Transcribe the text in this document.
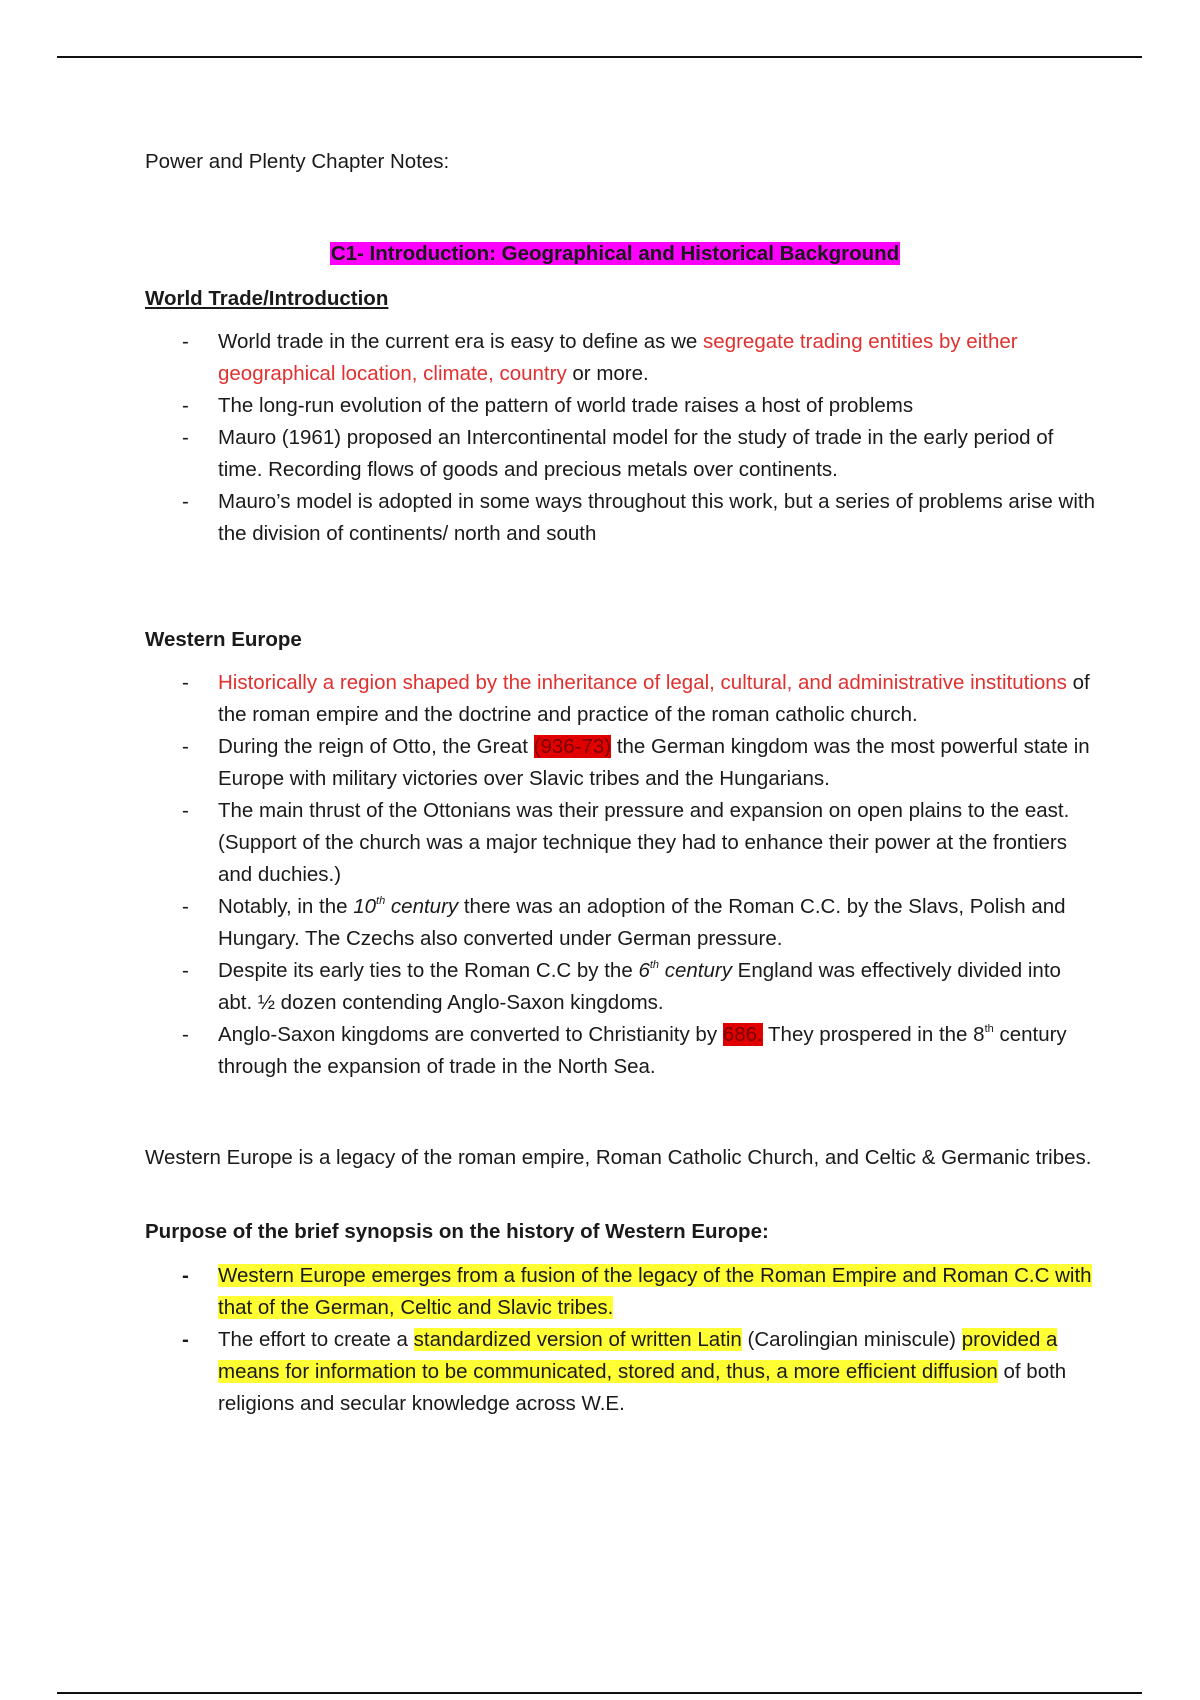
Power and Plenty Chapter Notes:
C1- Introduction: Geographical and Historical Background
World Trade/Introduction
- World trade in the current era is easy to define as we segregate trading entities by either geographical location, climate, country or more.
- The long-run evolution of the pattern of world trade raises a host of problems
- Mauro (1961) proposed an Intercontinental model for the study of trade in the early period of time. Recording flows of goods and precious metals over continents.
- Mauro’s model is adopted in some ways throughout this work, but a series of problems arise with the division of continents/ north and south
Western Europe
- Historically a region shaped by the inheritance of legal, cultural, and administrative institutions of the roman empire and the doctrine and practice of the roman catholic church.
- During the reign of Otto, the Great (936-73) the German kingdom was the most powerful state in Europe with military victories over Slavic tribes and the Hungarians.
- The main thrust of the Ottonians was their pressure and expansion on open plains to the east. (Support of the church was a major technique they had to enhance their power at the frontiers and duchies.)
- Notably, in the 10th century there was an adoption of the Roman C.C. by the Slavs, Polish and Hungary. The Czechs also converted under German pressure.
- Despite its early ties to the Roman C.C by the 6th century England was effectively divided into abt. ½ dozen contending Anglo-Saxon kingdoms.
- Anglo-Saxon kingdoms are converted to Christianity by 686. They prospered in the 8th century through the expansion of trade in the North Sea.
Western Europe is a legacy of the roman empire, Roman Catholic Church, and Celtic & Germanic tribes.
Purpose of the brief synopsis on the history of Western Europe:
- Western Europe emerges from a fusion of the legacy of the Roman Empire and Roman C.C with that of the German, Celtic and Slavic tribes.
- The effort to create a standardized version of written Latin (Carolingian miniscule) provided a means for information to be communicated, stored and, thus, a more efficient diffusion of both religions and secular knowledge across W.E.
